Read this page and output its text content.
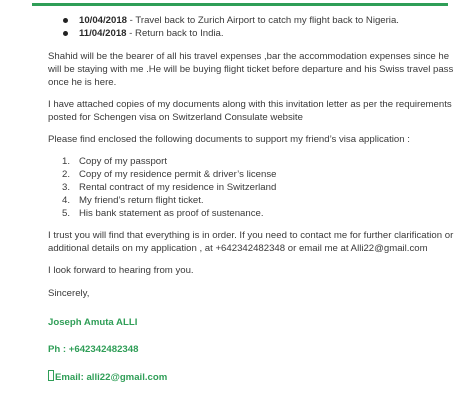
10/04/2018 - Travel back to Zurich Airport to catch my flight back to Nigeria.
11/04/2018 - Return back to India.

Shahid will be the bearer of all his travel expenses ,bar the accommodation expenses since he will be staying with me .He will be buying flight ticket before departure and his Swiss travel pass once he is here.

I have attached copies of my documents along with this invitation letter as per the requirements posted for Schengen visa on Switzerland Consulate website

Please find enclosed the following documents to support my friend’s visa application :

1. Copy of my passport
2. Copy of my residence permit & driver’s license
3. Rental contract of my residence in Switzerland
4. My friend’s return flight ticket.
5. His bank statement as proof of sustenance.

I trust you will find that everything is in order. If you need to contact me for further clarification or additional details on my application , at +642342482348 or email me at Alli22@gmail.com

I look forward to hearing from you.

Sincerely,

Joseph Amuta ALLI

Ph : +642342482348

Email: alli22@gmail.com
